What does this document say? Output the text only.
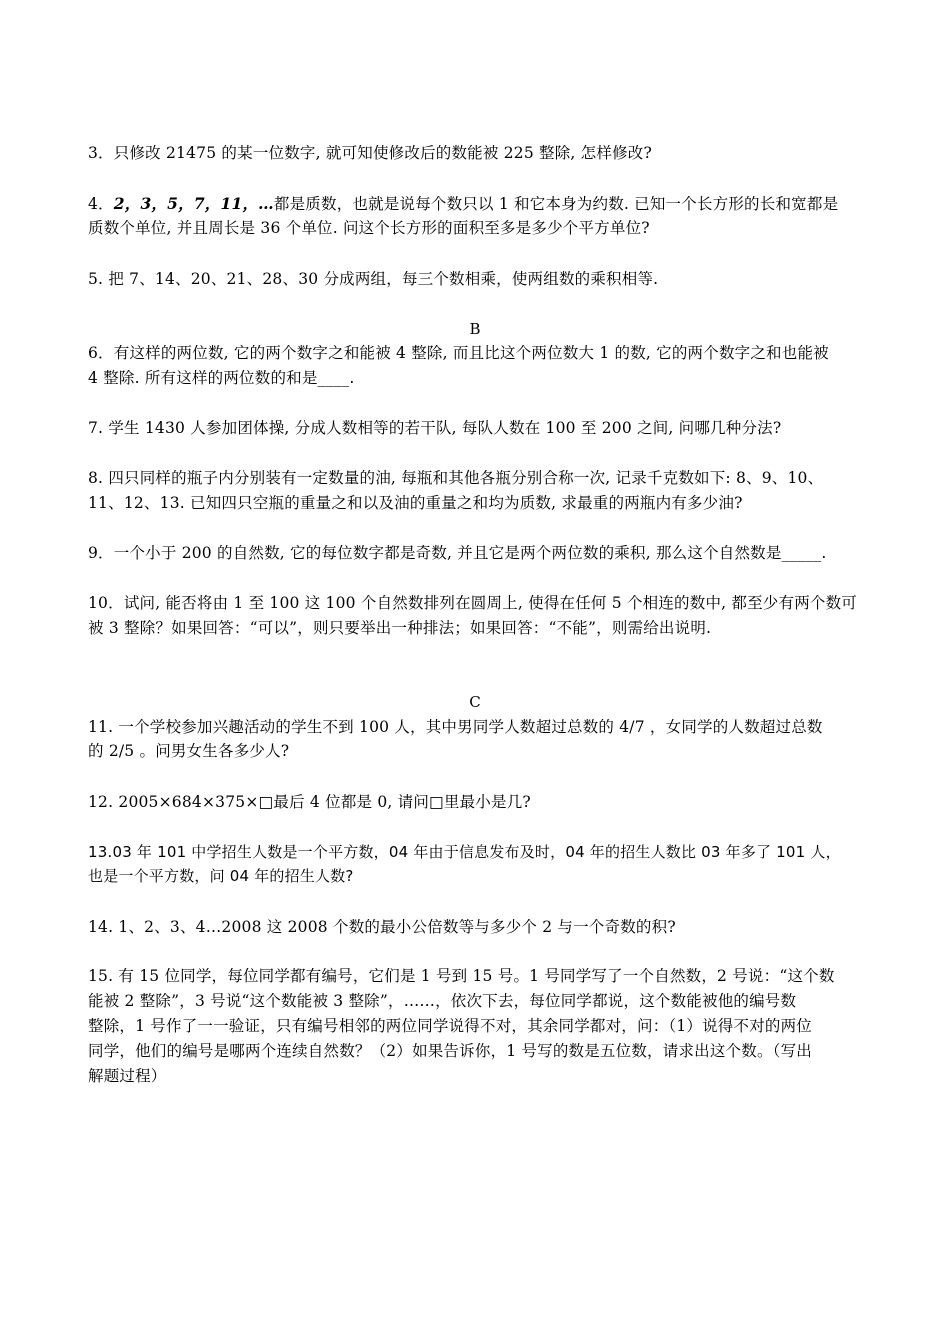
3．只修改 21475 的某一位数字, 就可知使修改后的数能被 225 整除, 怎样修改?
4．2，3，5，7，11，…都是质数，也就是说每个数只以 1 和它本身为约数. 已知一个长方形的长和宽都是
质数个单位, 并且周长是 36 个单位. 问这个长方形的面积至多是多少个平方单位?
5. 把 7、14、20、21、28、30 分成两组，每三个数相乘，使两组数的乘积相等.
B
6．有这样的两位数, 它的两个数字之和能被 4 整除, 而且比这个两位数大 1 的数, 它的两个数字之和也能被
4 整除. 所有这样的两位数的和是____.
7. 学生 1430 人参加团体操, 分成人数相等的若干队, 每队人数在 100 至 200 之间, 问哪几种分法?
8. 四只同样的瓶子内分别装有一定数量的油, 每瓶和其他各瓶分别合称一次, 记录千克数如下: 8、9、10、
11、12、13. 已知四只空瓶的重量之和以及油的重量之和均为质数, 求最重的两瓶内有多少油?
9．一个小于 200 的自然数, 它的每位数字都是奇数, 并且它是两个两位数的乘积, 那么这个自然数是_____.
10．试问, 能否将由 1 至 100 这 100 个自然数排列在圆周上, 使得在任何 5 个相连的数中, 都至少有两个数可
被 3 整除？如果回答：“可以”，则只要举出一种排法；如果回答：“不能”，则需给出说明.
C
11. 一个学校参加兴趣活动的学生不到 100 人，其中男同学人数超过总数的 4/7 ，女同学的人数超过总数
的 2/5 。问男女生各多少人?
12. 2005×684×375×□最后 4 位都是 0, 请问□里最小是几?
13.03 年 101 中学招生人数是一个平方数，04 年由于信息发布及时，04 年的招生人数比 03 年多了 101 人，
也是一个平方数，问 04 年的招生人数?
14. 1、2、3、4…2008 这 2008 个数的最小公倍数等与多少个 2 与一个奇数的积?
15. 有 15 位同学，每位同学都有编号，它们是 1 号到 15 号。1 号同学写了一个自然数，2 号说：“这个数
能被 2 整除”，3 号说“这个数能被 3 整除”，……，依次下去，每位同学都说，这个数能被他的编号数
整除，1 号作了一一验证，只有编号相邻的两位同学说得不对，其余同学都对，问：（1）说得不对的两位
同学，他们的编号是哪两个连续自然数？（2）如果告诉你，1 号写的数是五位数，请求出这个数。（写出
解题过程）
